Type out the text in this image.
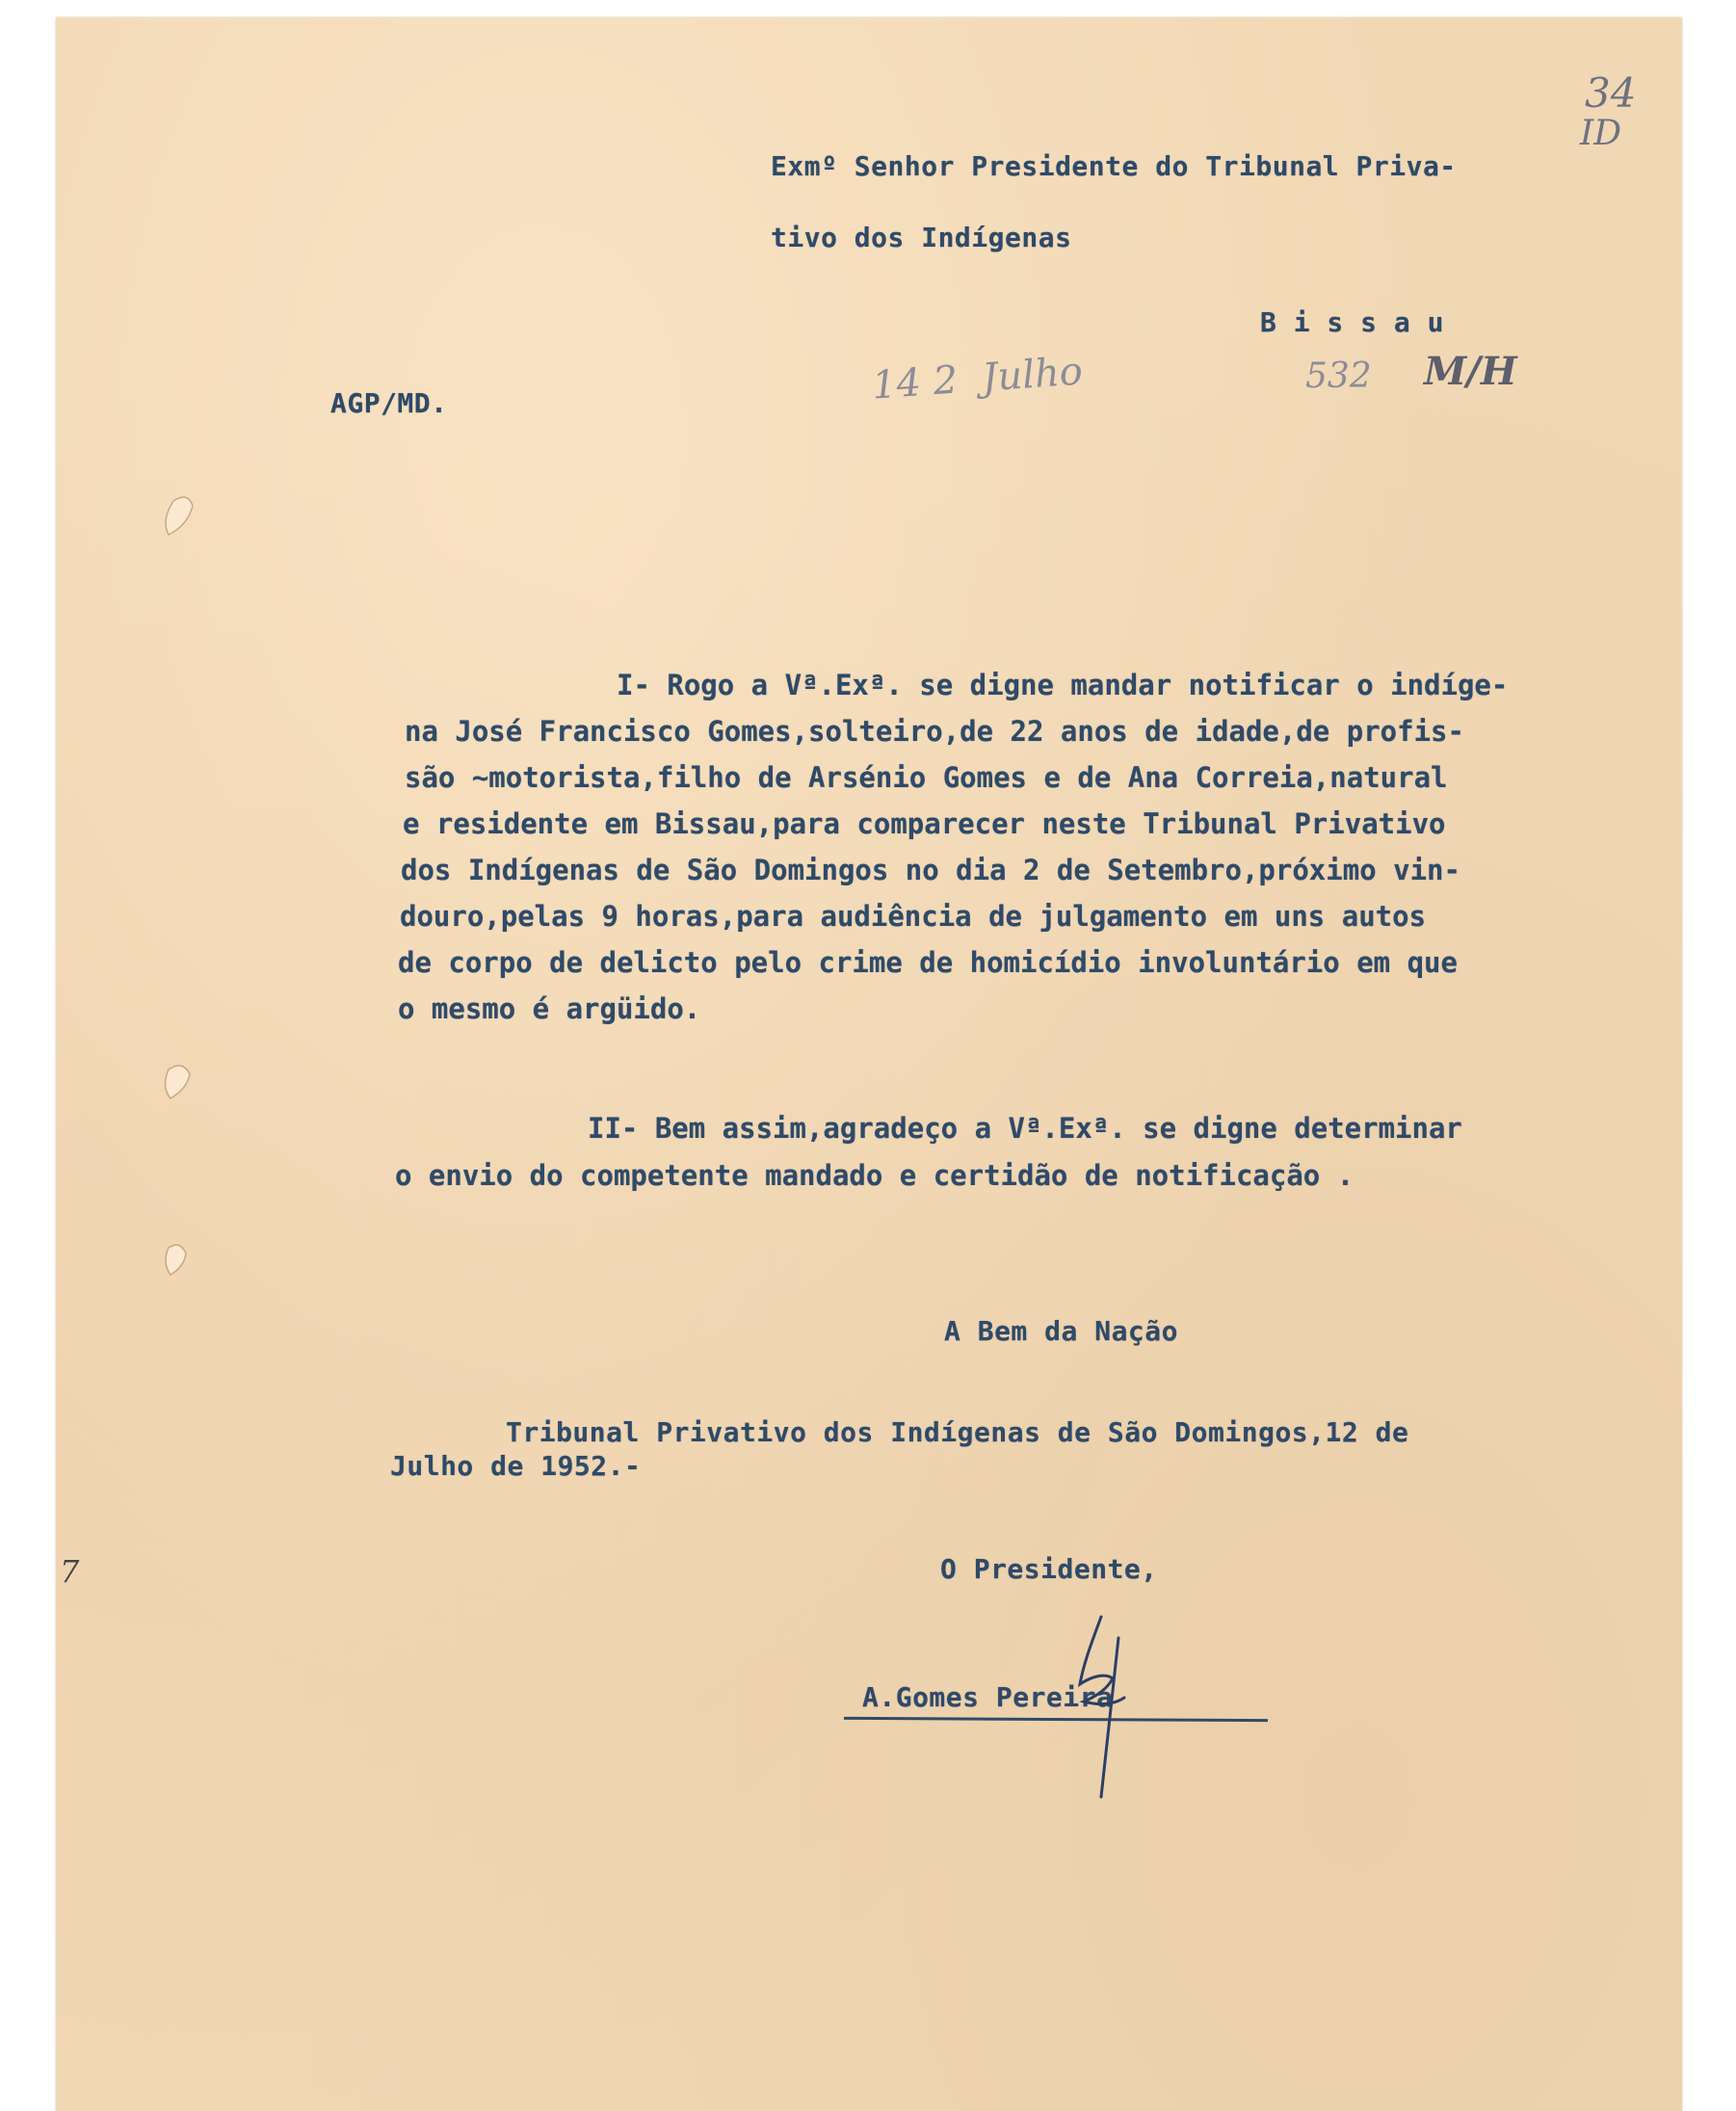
Exmº Senhor Presidente do Tribunal Priva-
tivo dos Indígenas
B i s s a u
AGP/MD.	14 2  Julho	532 M/H
34
ID
I- Rogo a Vª.Exª. se digne mandar notificar o indíge-
na José Francisco Gomes,solteiro,de 22 anos de idade,de profis-
são ~motorista,filho de Arsénio Gomes e de Ana Correia,natural
e residente em Bissau,para comparecer neste Tribunal Privativo
dos Indígenas de São Domingos no dia 2 de Setembro,próximo vin-
douro,pelas 9 horas,para audiência de julgamento em uns autos
de corpo de delicto pelo crime de homicídio involuntário em que
o mesmo é argüido.
II- Bem assim,agradeço a Vª.Exª. se digne determinar
o envio do competente mandado e certidão de notificação .
A Bem da Nação
Tribunal Privativo dos Indígenas de São Domingos,12 de
Julho de 1952.-
O Presidente,
A.Gomes Pereira
7
